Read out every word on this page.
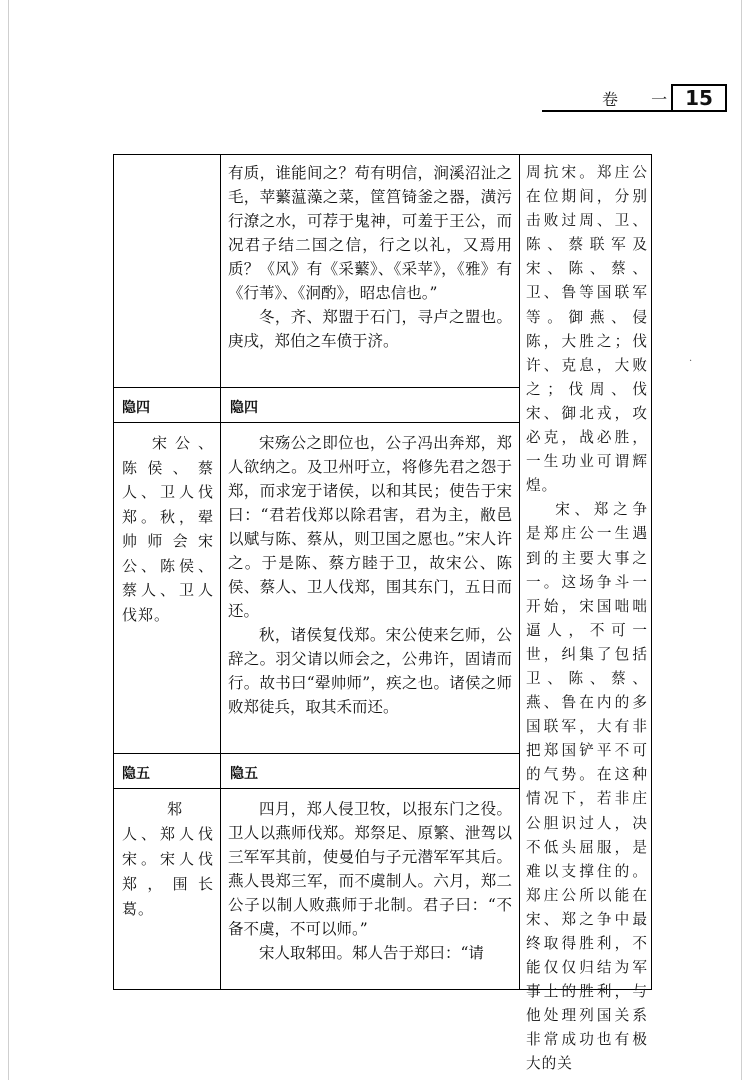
卷 一 15

有质，谁能间之？苟有明信，涧溪沼沚之毛，苹蘩蕰藻之菜，筐筥锜釜之器，潢污行潦之水，可荐于鬼神，可羞于王公，而况君子结二国之信，行之以礼，又焉用质？《风》有《采蘩》、《采苹》，《雅》有《行苇》、《泂酌》，昭忠信也。”

冬，齐、郑盟于石门，寻卢之盟也。庚戌，郑伯之车偾于济。

隐四	隐四

宋公、陈侯、蔡人、卫人伐郑。秋，翚帅师会宋公、陈侯、蔡人、卫人伐郑。

宋殇公之即位也，公子冯出奔郑，郑人欲纳之。及卫州吁立，将修先君之怨于郑，而求宠于诸侯，以和其民；使告于宋曰：“君若伐郑以除君害，君为主，敝邑以赋与陈、蔡从，则卫国之愿也。”宋人许之。于是陈、蔡方睦于卫，故宋公、陈侯、蔡人、卫人伐郑，围其东门，五日而还。

秋，诸侯复伐郑。宋公使来乞师，公辞之。羽父请以师会之，公弗许，固请而行。故书曰“翚帅师”，疾之也。诸侯之师败郑徒兵，取其禾而还。

隐五	隐五

邾人、郑人伐宋。宋人伐郑，围长葛。

四月，郑人侵卫牧，以报东门之役。卫人以燕师伐郑。郑祭足、原繁、泄驾以三军军其前，使曼伯与子元潜军军其后。燕人畏郑三军，而不虞制人。六月，郑二公子以制人败燕师于北制。君子曰：“不备不虞，不可以师。”

宋人取邾田。邾人告于郑曰：“请

周抗宋。郑庄公在位期间，分别击败过周、卫、陈、蔡联军及宋、陈、蔡、卫、鲁等国联军等。御燕、侵陈，大胜之；伐许、克息，大败之；伐周、伐宋、御北戎，攻必克，战必胜，一生功业可谓辉煌。

宋、郑之争是郑庄公一生遇到的主要大事之一。这场争斗一开始，宋国咄咄逼人，不可一世，纠集了包括卫、陈、蔡、燕、鲁在内的多国联军，大有非把郑国铲平不可的气势。在这种情况下，若非庄公胆识过人，决不低头屈服，是难以支撑住的。郑庄公所以能在宋、郑之争中最终取得胜利，不能仅仅归结为军事上的胜利，与他处理列国关系非常成功也有极大的关

·
